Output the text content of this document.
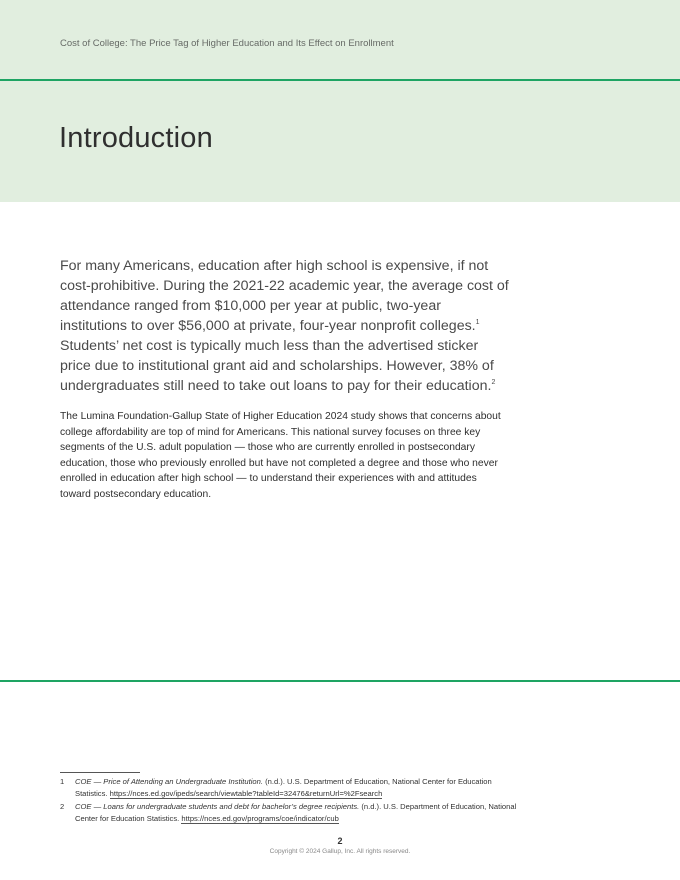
Cost of College: The Price Tag of Higher Education and Its Effect on Enrollment
Introduction

For many Americans, education after high school is expensive, if not cost-prohibitive. During the 2021-22 academic year, the average cost of attendance ranged from $10,000 per year at public, two-year institutions to over $56,000 at private, four-year nonprofit colleges.$^1$ Students’ net cost is typically much less than the advertised sticker price due to institutional grant aid and scholarships. However, 38% of undergraduates still need to take out loans to pay for their education.$^2$

The Lumina Foundation-Gallup State of Higher Education 2024 study shows that concerns about college affordability are top of mind for Americans. This national survey focuses on three key segments of the U.S. adult population — those who are currently enrolled in postsecondary education, those who previously enrolled but have not completed a degree and those who never enrolled in education after high school — to understand their experiences with and attitudes toward postsecondary education.

1 COE — Price of Attending an Undergraduate Institution. (n.d.). U.S. Department of Education, National Center for Education Statistics. https://nces.ed.gov/ipeds/search/viewtable?tableId=32476&returnUrl=%2Fsearch
2 COE — Loans for undergraduate students and debt for bachelor’s degree recipients. (n.d.). U.S. Department of Education, National Center for Education Statistics. https://nces.ed.gov/programs/coe/indicator/cub
2
Copyright © 2024 Gallup, Inc. All rights reserved.
